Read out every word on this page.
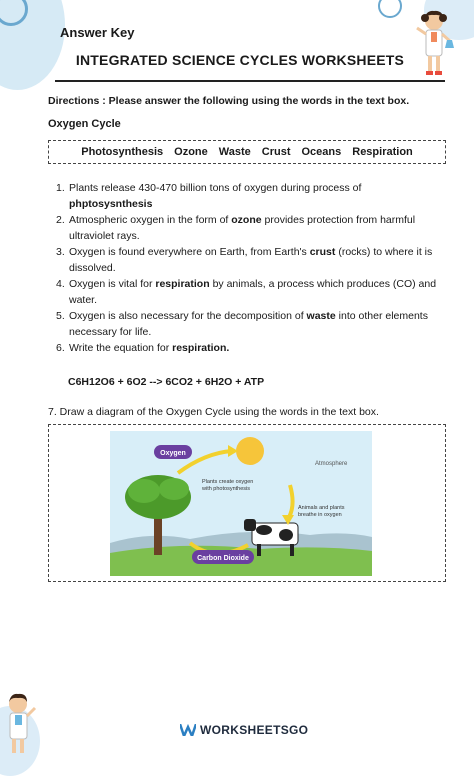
Answer Key
INTEGRATED SCIENCE CYCLES WORKSHEETS
Directions : Please answer the following using the words in the text box.
Oxygen Cycle
Photosynthesis Ozone Waste Crust Oceans Respiration
1. Plants release 430-470 billion tons of oxygen during process of
phptosysnthesis
2. Atmospheric oxygen in the form of ozone provides protection from harmful ultraviolet rays.
3. Oxygen is found everywhere on Earth, from Earth's crust (rocks) to where it is dissolved.
4. Oxygen is vital for respiration by animals, a process which produces (CO) and water.
5. Oxygen is also necessary for the decomposition of waste into other elements necessary for life.
6. Write the equation for respiration.
C6H12O6 + 6O2 --> 6CO2 + 6H2O + ATP
7. Draw a diagram of the Oxygen Cycle using the words in the text box.
Oxygen
Atmosphere
Plants create oxygen
with photosynthesis
Animals and plants
breathe in oxygen
Carbon Dioxide
WORKSHEETSGO
